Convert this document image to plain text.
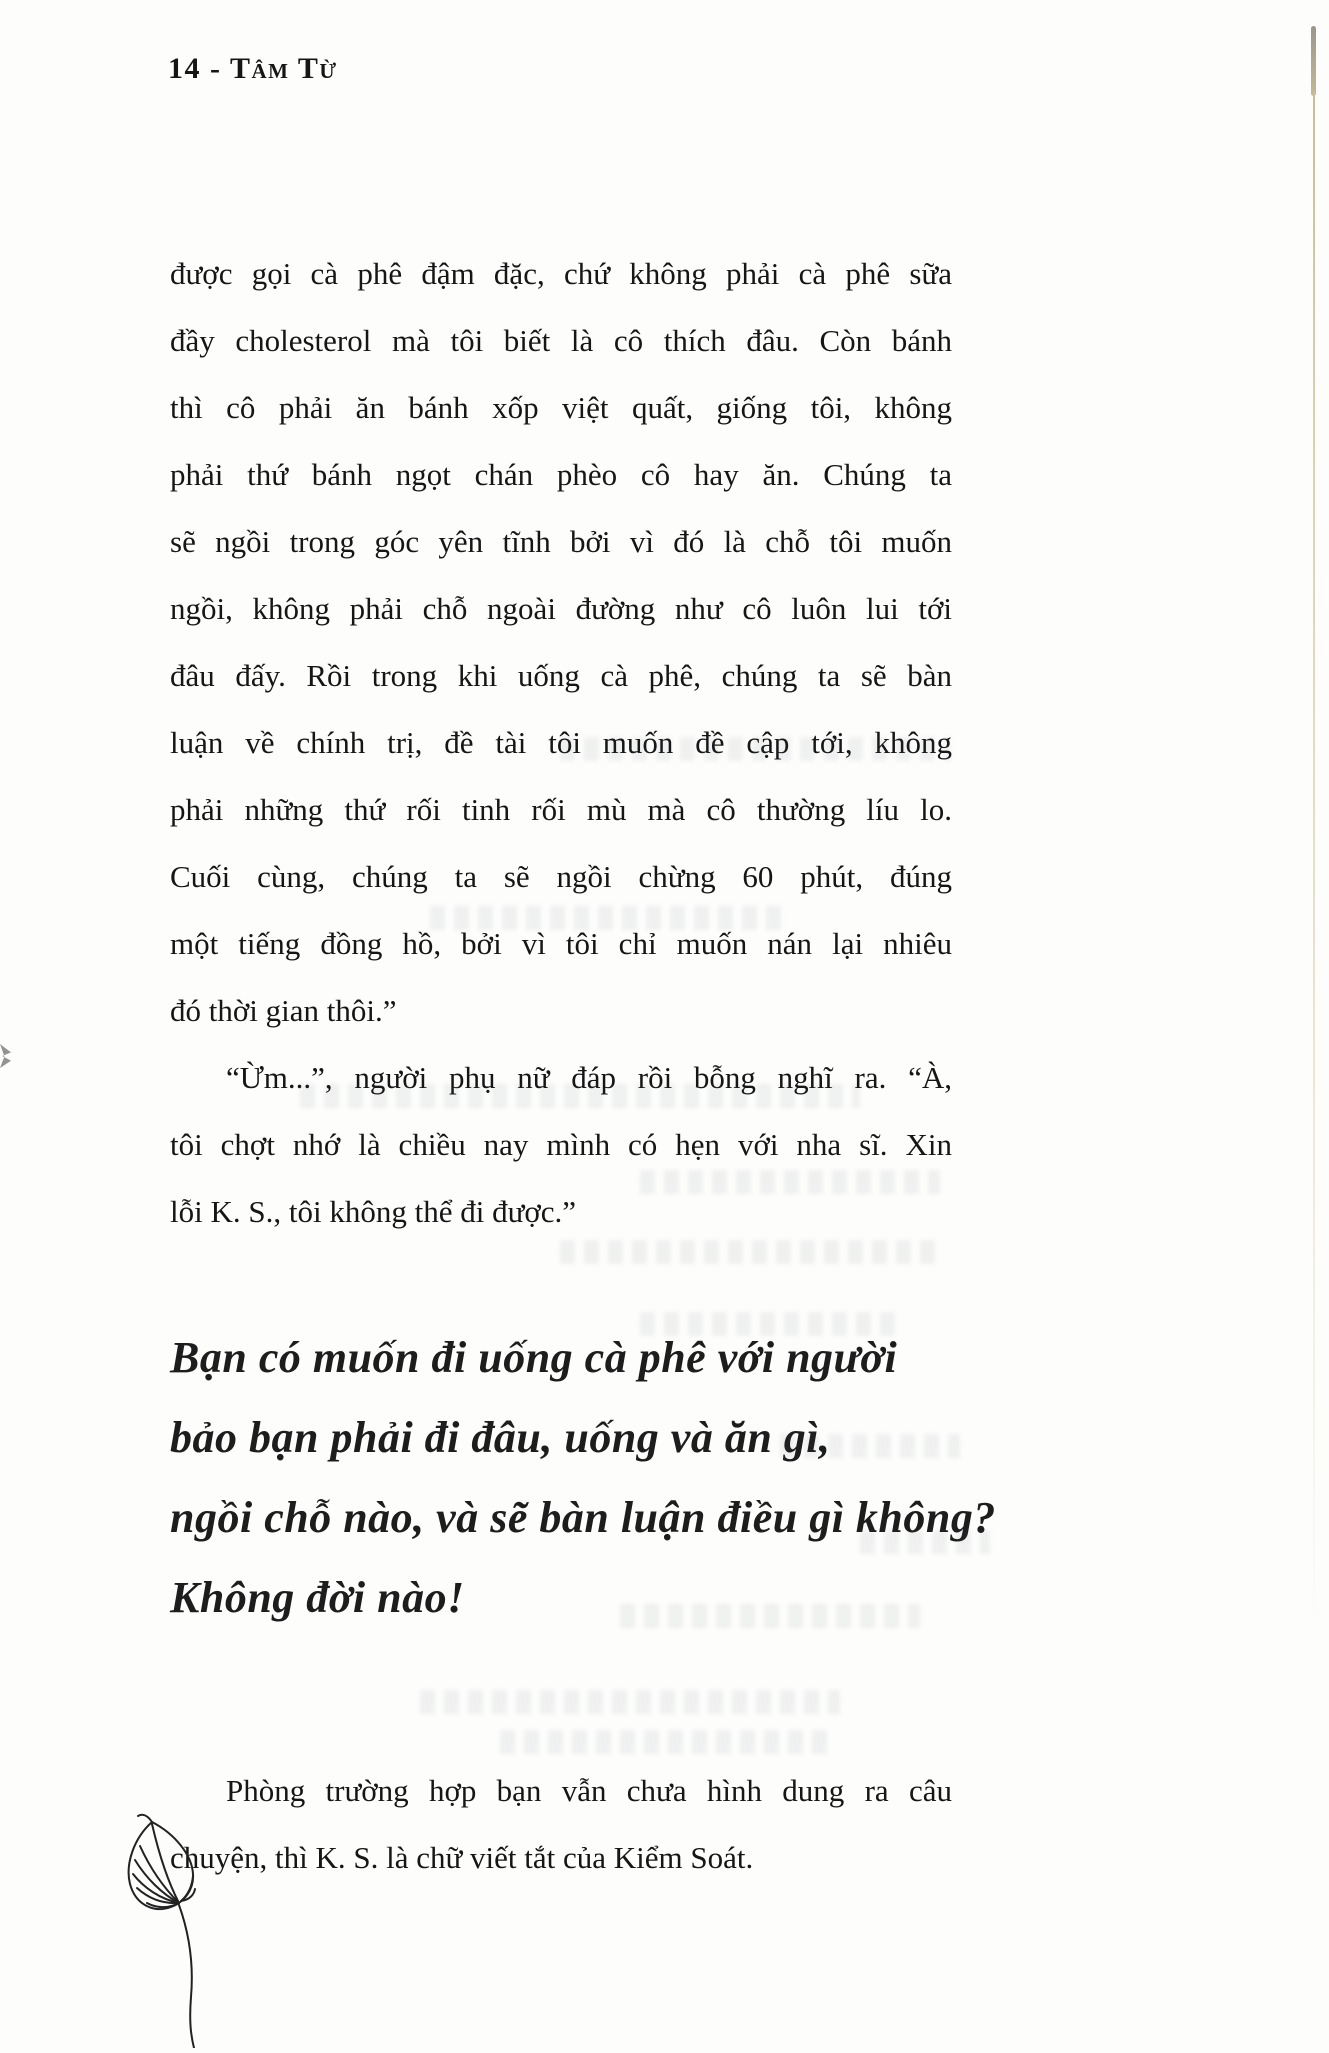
14 - Tâm Từ
được gọi cà phê đậm đặc, chứ không phải cà phê sữa
đầy cholesterol mà tôi biết là cô thích đâu. Còn bánh
thì cô phải ăn bánh xốp việt quất, giống tôi, không
phải thứ bánh ngọt chán phèo cô hay ăn. Chúng ta
sẽ ngồi trong góc yên tĩnh bởi vì đó là chỗ tôi muốn
ngồi, không phải chỗ ngoài đường như cô luôn lui tới
đâu đấy. Rồi trong khi uống cà phê, chúng ta sẽ bàn
luận về chính trị, đề tài tôi muốn đề cập tới, không
phải những thứ rối tinh rối mù mà cô thường líu lo.
Cuối cùng, chúng ta sẽ ngồi chừng 60 phút, đúng
một tiếng đồng hồ, bởi vì tôi chỉ muốn nán lại nhiêu
đó thời gian thôi.”
“Ừm...”, người phụ nữ đáp rồi bỗng nghĩ ra. “À,
tôi chợt nhớ là chiều nay mình có hẹn với nha sĩ. Xin
lỗi K. S., tôi không thể đi được.”
Bạn có muốn đi uống cà phê với người
bảo bạn phải đi đâu, uống và ăn gì,
ngồi chỗ nào, và sẽ bàn luận điều gì không?
Không đời nào!
Phòng trường hợp bạn vẫn chưa hình dung ra câu
chuyện, thì K. S. là chữ viết tắt của Kiểm Soát.
